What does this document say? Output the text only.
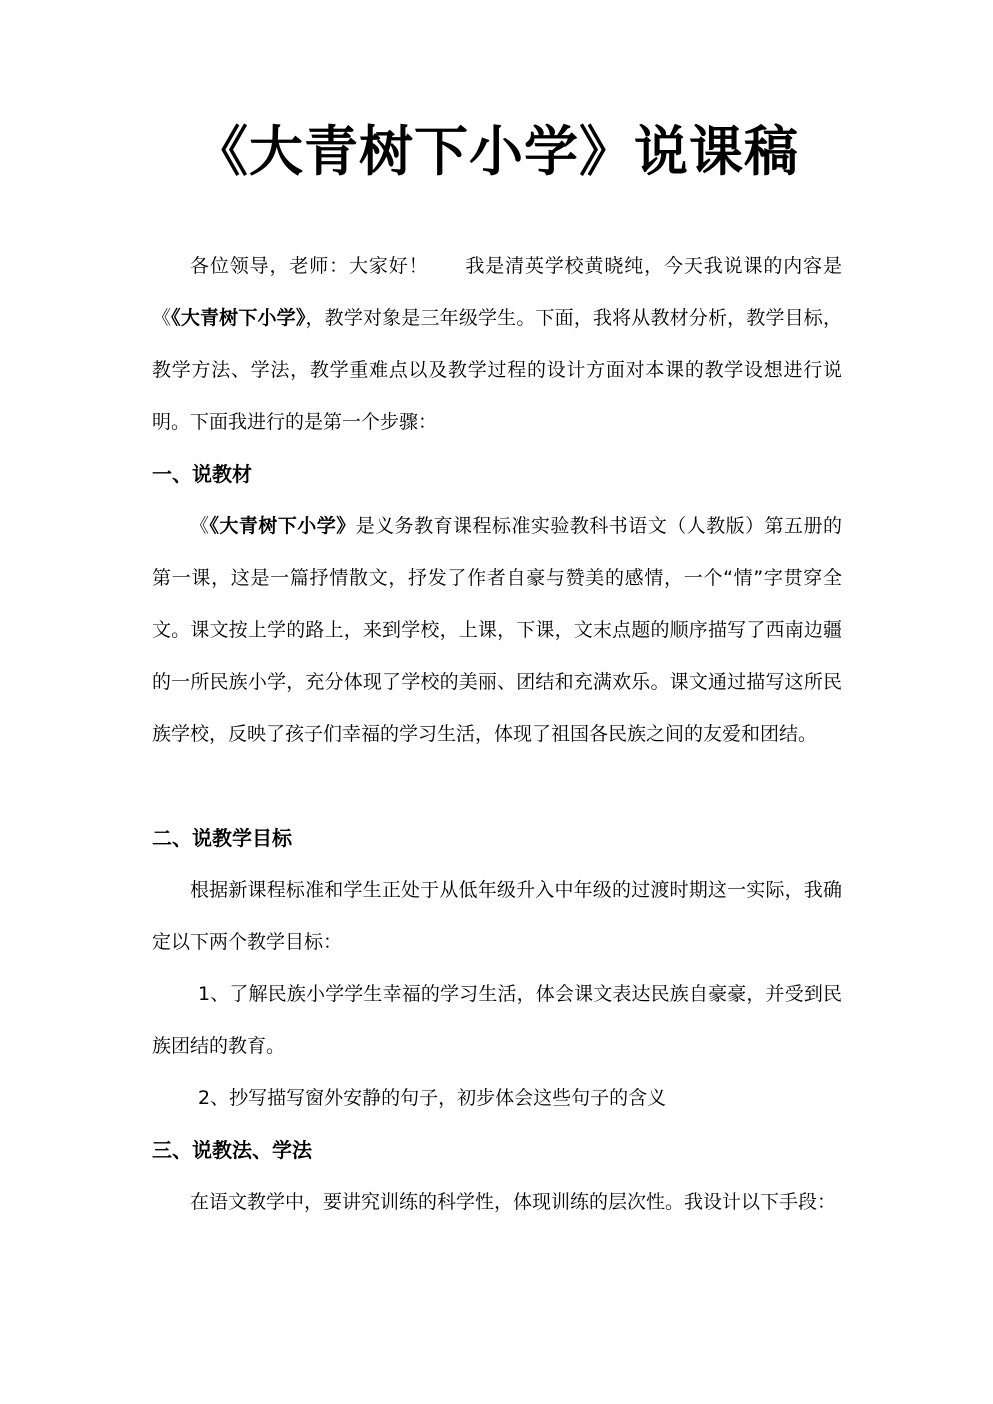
《大青树下小学》说课稿
各位领导，老师：大家好！ 我是清英学校黄晓纯，今天我说课的内容是《《大青树下小学》，教学对象是三年级学生。下面，我将从教材分析，教学目标，教学方法、学法，教学重难点以及教学过程的设计方面对本课的教学设想进行说明。下面我进行的是第一个步骤：
一、说教材
《《大青树下小学》是义务教育课程标准实验教科书语文（人教版）第五册的第一课，这是一篇抒情散文，抒发了作者自豪与赞美的感情，一个“情”字贯穿全文。课文按上学的路上，来到学校，上课，下课，文末点题的顺序描写了西南边疆的一所民族小学，充分体现了学校的美丽、团结和充满欢乐。课文通过描写这所民族学校，反映了孩子们幸福的学习生活，体现了祖国各民族之间的友爱和团结。
二、说教学目标
根据新课程标准和学生正处于从低年级升入中年级的过渡时期这一实际，我确定以下两个教学目标：
1、了解民族小学学生幸福的学习生活，体会课文表达民族自豪豪，并受到民族团结的教育。
2、抄写描写窗外安静的句子，初步体会这些句子的含义
三、说教法、学法
在语文教学中，要讲究训练的科学性，体现训练的层次性。我设计以下手段：
